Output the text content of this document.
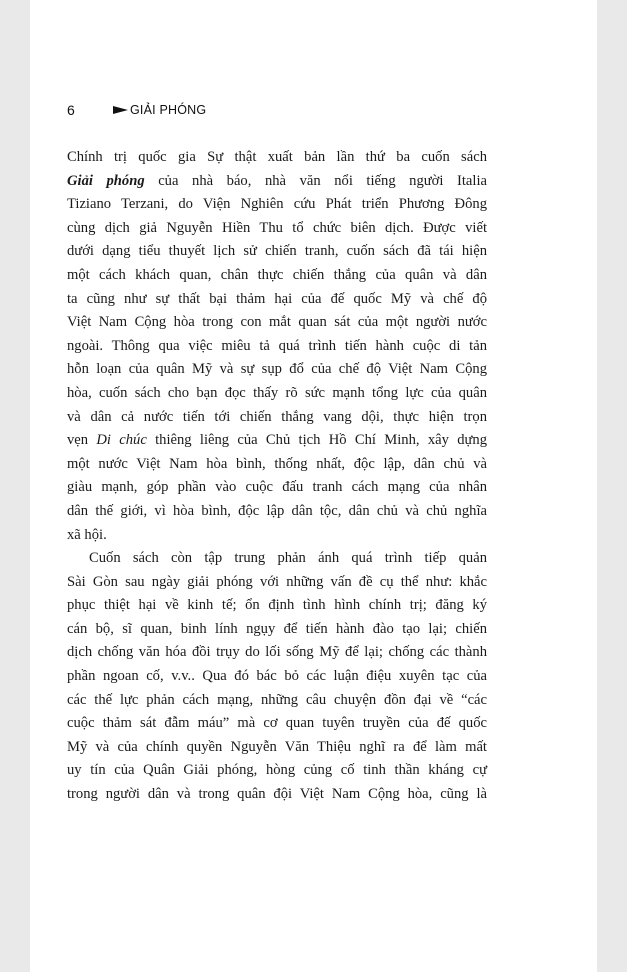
6	GIẢI PHÓNG
Chính trị quốc gia Sự thật xuất bản lần thứ ba cuốn sách
Giải phóng của nhà báo, nhà văn nổi tiếng người Italia
Tiziano Terzani, do Viện Nghiên cứu Phát triển Phương Đông
cùng dịch giả Nguyễn Hiền Thu tổ chức biên dịch. Được viết
dưới dạng tiểu thuyết lịch sử chiến tranh, cuốn sách đã tái hiện
một cách khách quan, chân thực chiến thắng của quân và dân
ta cũng như sự thất bại thảm hại của đế quốc Mỹ và chế độ
Việt Nam Cộng hòa trong con mắt quan sát của một người nước
ngoài. Thông qua việc miêu tả quá trình tiến hành cuộc di tản
hỗn loạn của quân Mỹ và sự sụp đổ của chế độ Việt Nam Cộng
hòa, cuốn sách cho bạn đọc thấy rõ sức mạnh tổng lực của quân
và dân cả nước tiến tới chiến thắng vang dội, thực hiện trọn
vẹn Di chúc thiêng liêng của Chủ tịch Hồ Chí Minh, xây dựng
một nước Việt Nam hòa bình, thống nhất, độc lập, dân chủ và
giàu mạnh, góp phần vào cuộc đấu tranh cách mạng của nhân
dân thế giới, vì hòa bình, độc lập dân tộc, dân chủ và chủ nghĩa
xã hội.
Cuốn sách còn tập trung phản ánh quá trình tiếp quản
Sài Gòn sau ngày giải phóng với những vấn đề cụ thể như: khắc
phục thiệt hại về kinh tế; ổn định tình hình chính trị; đăng ký
cán bộ, sĩ quan, binh lính ngụy để tiến hành đào tạo lại; chiến
dịch chống văn hóa đồi trụy do lối sống Mỹ để lại; chống các thành
phần ngoan cố, v.v.. Qua đó bác bỏ các luận điệu xuyên tạc của
các thế lực phản cách mạng, những câu chuyện đồn đại về “các
cuộc thảm sát đẫm máu” mà cơ quan tuyên truyền của đế quốc
Mỹ và của chính quyền Nguyễn Văn Thiệu nghĩ ra để làm mất
uy tín của Quân Giải phóng, hòng củng cố tinh thần kháng cự
trong người dân và trong quân đội Việt Nam Cộng hòa, cũng là
